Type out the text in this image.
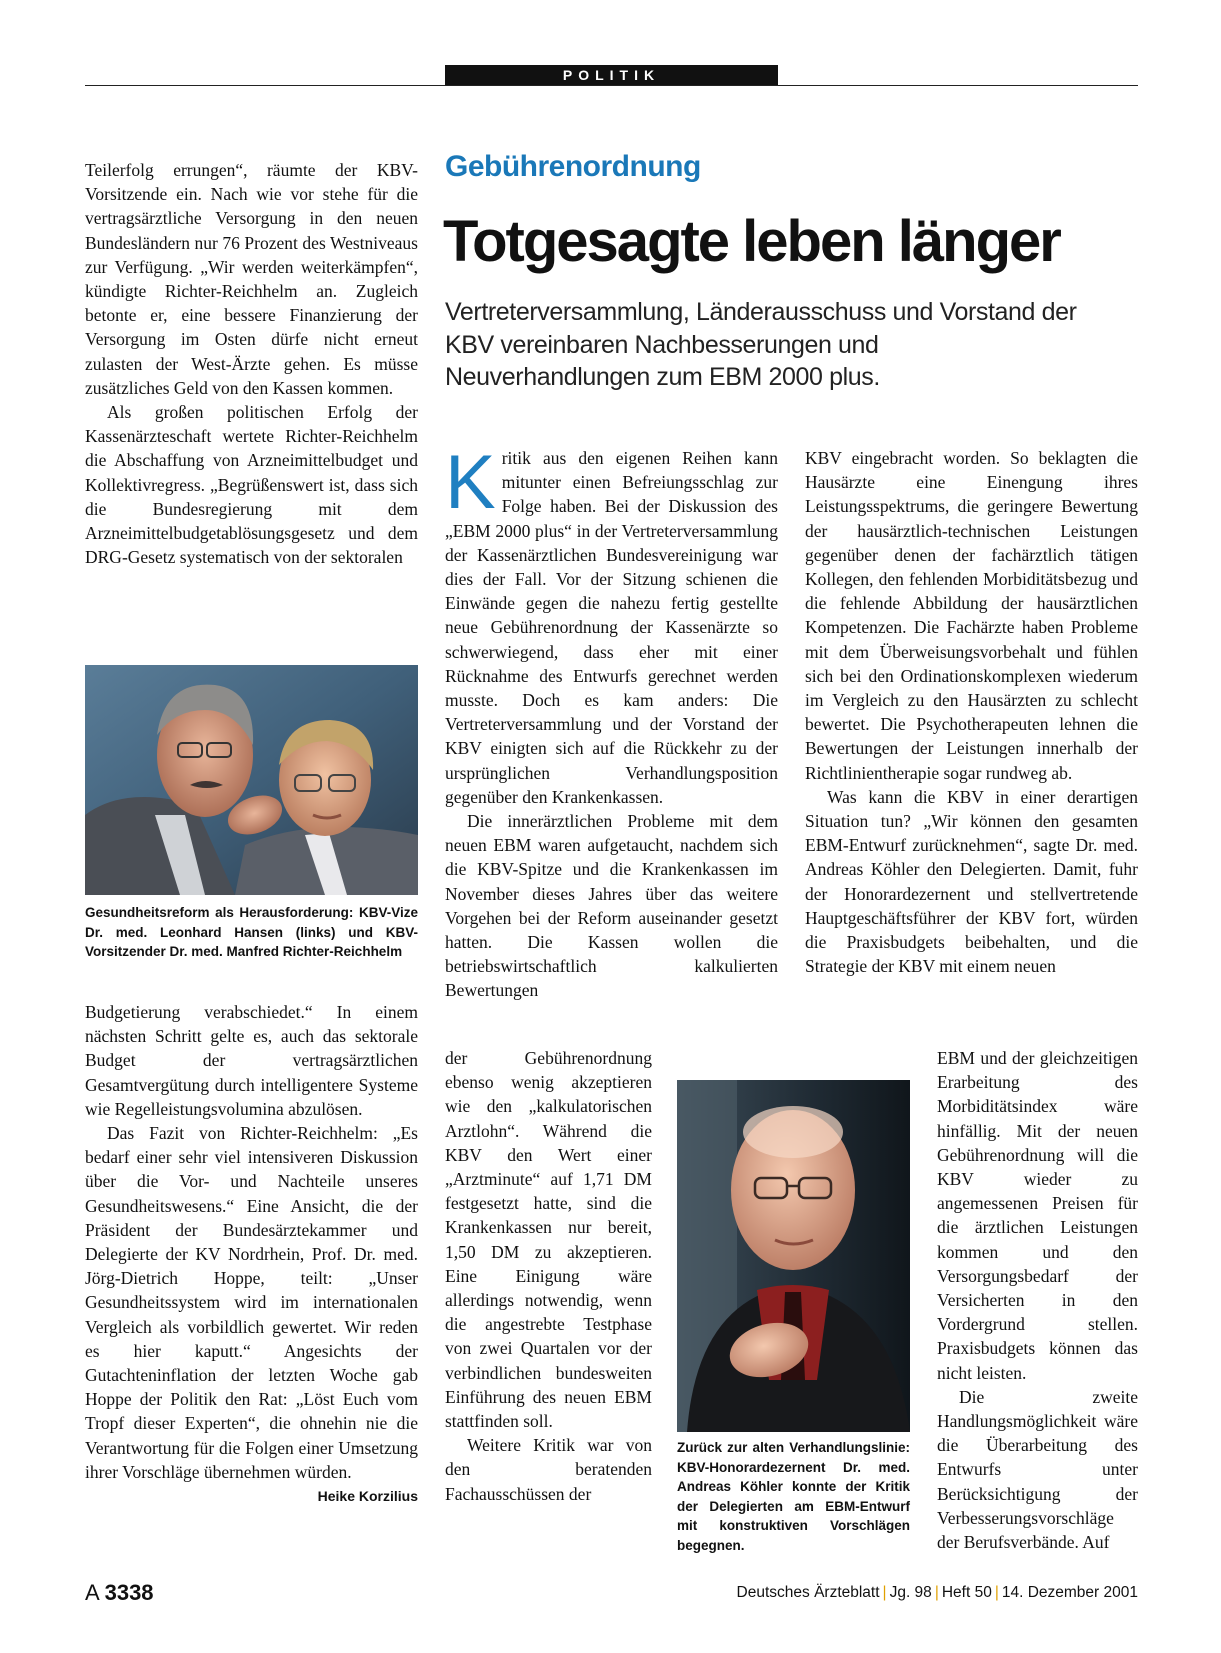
POLITIK

Teilerfolg errungen“, räumte der KBV-Vorsitzende ein. Nach wie vor stehe für die vertragsärztliche Versorgung in den neuen Bundesländern nur 76 Prozent des Westniveaus zur Verfügung. „Wir werden weiterkämpfen“, kündigte Richter-Reichhelm an. Zugleich betonte er, eine bessere Finanzierung der Versorgung im Osten dürfe nicht erneut zulasten der West-Ärzte gehen. Es müsse zusätzliches Geld von den Kassen kommen.

Als großen politischen Erfolg der Kassenärzteschaft wertete Richter-Reichhelm die Abschaffung von Arzneimittelbudget und Kollektivregress. „Begrüßenswert ist, dass sich die Bundesregierung mit dem Arzneimittelbudgetablösungsgesetz und dem DRG-Gesetz systematisch von der sektoralen

Gesundheitsreform als Herausforderung: KBV-Vize Dr. med. Leonhard Hansen (links) und KBV-Vorsitzender Dr. med. Manfred Richter-Reichhelm

Budgetierung verabschiedet.“ In einem nächsten Schritt gelte es, auch das sektorale Budget der vertragsärztlichen Gesamtvergütung durch intelligentere Systeme wie Regelleistungsvolumina abzulösen.

Das Fazit von Richter-Reichhelm: „Es bedarf einer sehr viel intensiveren Diskussion über die Vor- und Nachteile unseres Gesundheitswesens.“ Eine Ansicht, die der Präsident der Bundesärztekammer und Delegierte der KV Nordrhein, Prof. Dr. med. Jörg-Dietrich Hoppe, teilt: „Unser Gesundheitssystem wird im internationalen Vergleich als vorbildlich gewertet. Wir reden es hier kaputt.“ Angesichts der Gutachteninflation der letzten Woche gab Hoppe der Politik den Rat: „Löst Euch vom Tropf dieser Experten“, die ohnehin nie die Verantwortung für die Folgen einer Umsetzung ihrer Vorschläge übernehmen würden.
Heike Korzilius

Gebührenordnung
Totgesagte leben länger
Vertreterversammlung, Länderausschuss und Vorstand der KBV vereinbaren Nachbesserungen und Neuverhandlungen zum EBM 2000 plus.

Kritik aus den eigenen Reihen kann mitunter einen Befreiungsschlag zur Folge haben. Bei der Diskussion des „EBM 2000 plus“ in der Vertreterversammlung der Kassenärztlichen Bundesvereinigung war dies der Fall. Vor der Sitzung schienen die Einwände gegen die nahezu fertig gestellte neue Gebührenordnung der Kassenärzte so schwerwiegend, dass eher mit einer Rücknahme des Entwurfs gerechnet werden musste. Doch es kam anders: Die Vertreterversammlung und der Vorstand der KBV einigten sich auf die Rückkehr zu der ursprünglichen Verhandlungsposition gegenüber den Krankenkassen.

Die innerärztlichen Probleme mit dem neuen EBM waren aufgetaucht, nachdem sich die KBV-Spitze und die Krankenkassen im November dieses Jahres über das weitere Vorgehen bei der Reform auseinander gesetzt hatten. Die Kassen wollen die betriebswirtschaftlich kalkulierten Bewertungen

der Gebührenordnung ebenso wenig akzeptieren wie den „kalkulatorischen Arztlohn“. Während die KBV den Wert einer „Arztminute“ auf 1,71 DM festgesetzt hatte, sind die Krankenkassen nur bereit, 1,50 DM zu akzeptieren. Eine Einigung wäre allerdings notwendig, wenn die angestrebte Testphase von zwei Quartalen vor der verbindlichen bundesweiten Einführung des neuen EBM stattfinden soll.

Weitere Kritik war von den beratenden Fachausschüssen der

Zurück zur alten Verhandlungslinie: KBV-Honorardezernent Dr. med. Andreas Köhler konnte der Kritik der Delegierten am EBM-Entwurf mit konstruktiven Vorschlägen begegnen.

KBV eingebracht worden. So beklagten die Hausärzte eine Einengung ihres Leistungsspektrums, die geringere Bewertung der hausärztlich-technischen Leistungen gegenüber denen der fachärztlich tätigen Kollegen, den fehlenden Morbiditätsbezug und die fehlende Abbildung der hausärztlichen Kompetenzen. Die Fachärzte haben Probleme mit dem Überweisungsvorbehalt und fühlen sich bei den Ordinationskomplexen wiederum im Vergleich zu den Hausärzten zu schlecht bewertet. Die Psychotherapeuten lehnen die Bewertungen der Leistungen innerhalb der Richtlinientherapie sogar rundweg ab.

Was kann die KBV in einer derartigen Situation tun? „Wir können den gesamten EBM-Entwurf zurücknehmen“, sagte Dr. med. Andreas Köhler den Delegierten. Damit, fuhr der Honorardezernent und stellvertretende Hauptgeschäftsführer der KBV fort, würden die Praxisbudgets beibehalten, und die Strategie der KBV mit einem neuen

EBM und der gleichzeitigen Erarbeitung des Morbiditätsindex wäre hinfällig. Mit der neuen Gebührenordnung will die KBV wieder zu angemessenen Preisen für die ärztlichen Leistungen kommen und den Versorgungsbedarf der Versicherten in den Vordergrund stellen. Praxisbudgets können das nicht leisten.

Die zweite Handlungsmöglichkeit wäre die Überarbeitung des Entwurfs unter Berücksichtigung der Verbesserungsvorschläge der Berufsverbände. Auf

A 3338	Deutsches Ärzteblatt | Jg. 98 | Heft 50 | 14. Dezember 2001
